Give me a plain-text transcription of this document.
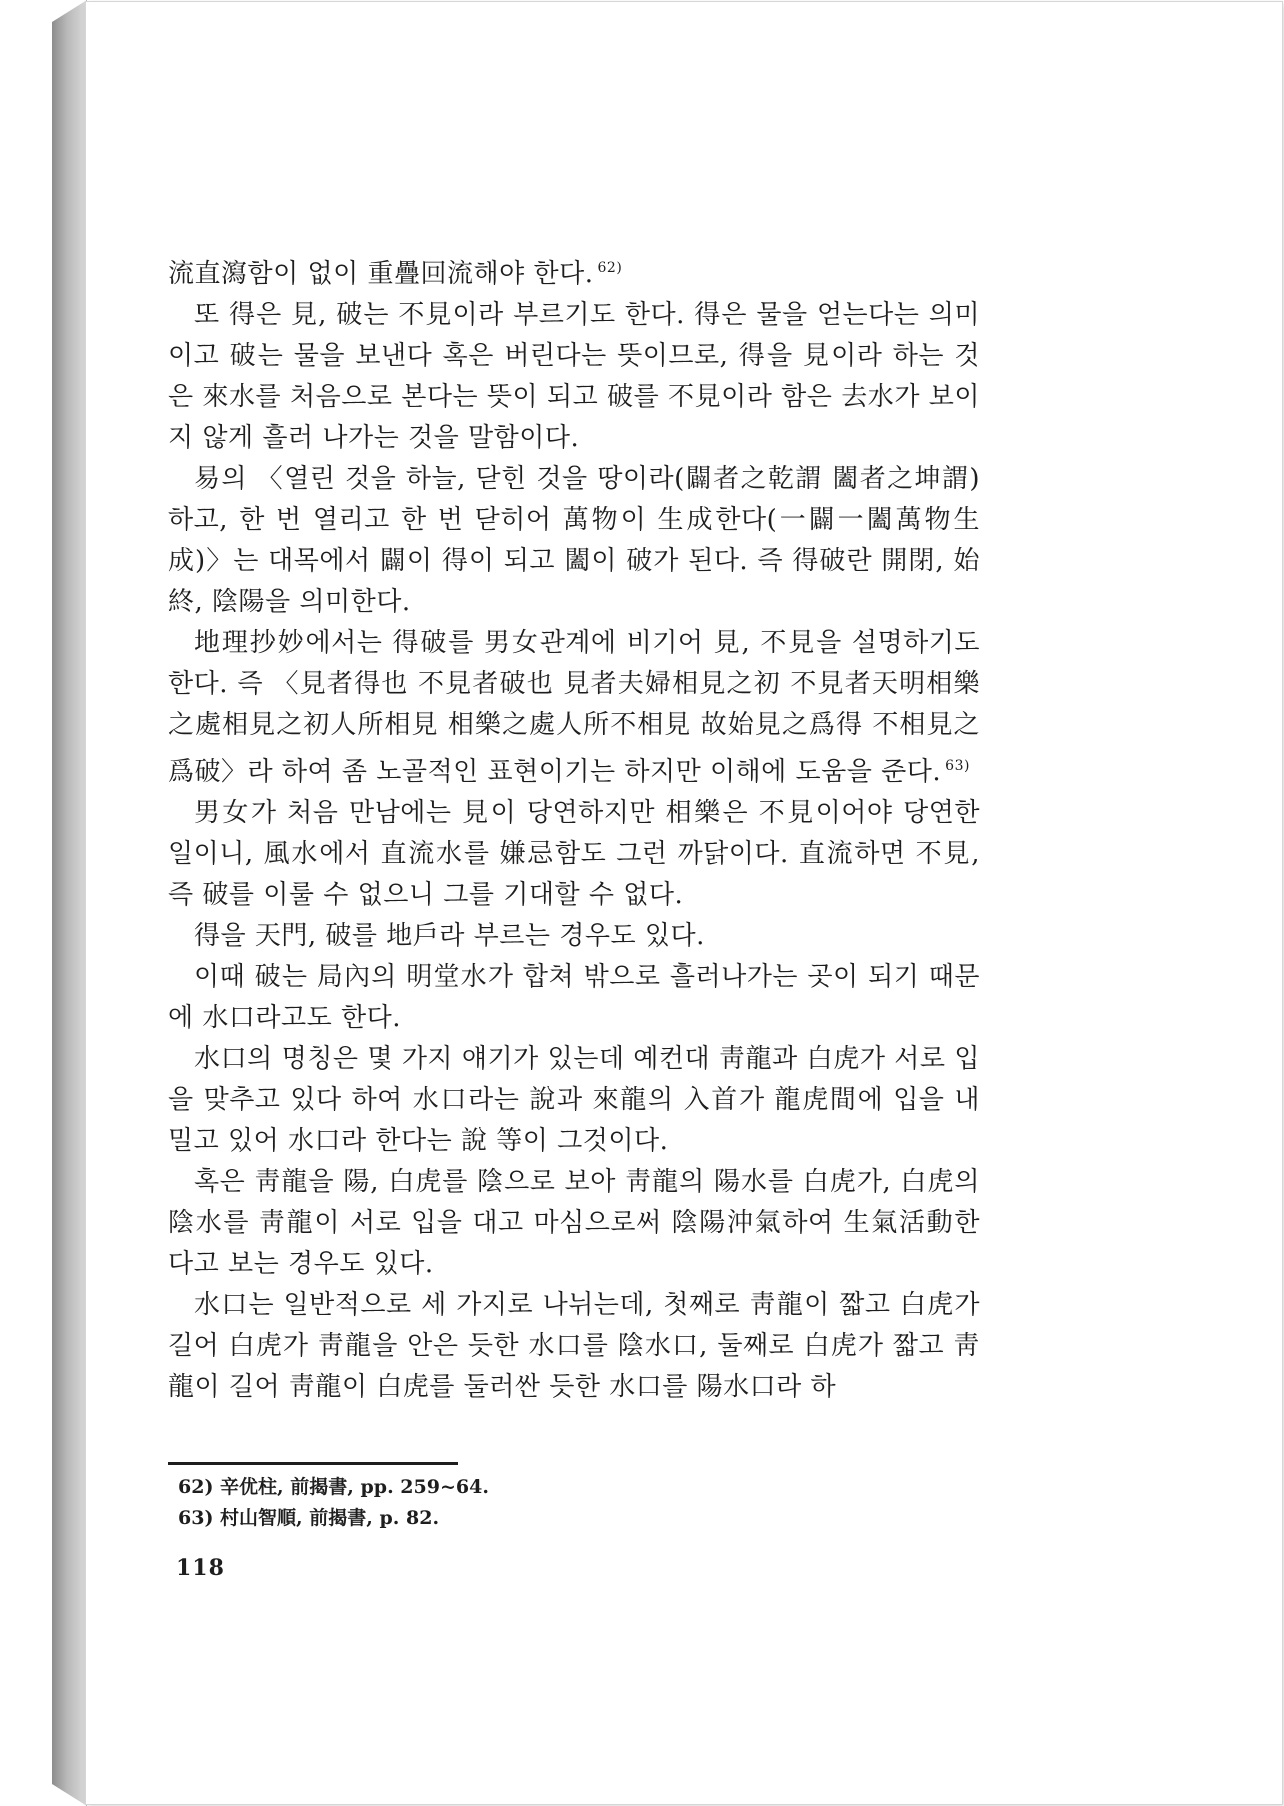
流直瀉함이 없이 重疊回流해야 한다. $^{62)}$

또 得은 見, 破는 不見이라 부르기도 한다. 得은 물을 얻는다는 의미이고 破는 물을 보낸다 혹은 버린다는 뜻이므로, 得을 見이라 하는 것은 來水를 처음으로 본다는 뜻이 되고 破를 不見이라 함은 去水가 보이지 않게 흘러 나가는 것을 말함이다.

易의 〈열린 것을 하늘, 닫힌 것을 땅이라(闢者之乾謂 闔者之坤謂) 하고, 한 번 열리고 한 번 닫히어 萬物이 生成한다(一闢一闔萬物生成)〉는 대목에서 闢이 得이 되고 闔이 破가 된다. 즉 得破란 開閉, 始終, 陰陽을 의미한다.

地理抄妙에서는 得破를 男女관계에 비기어 見, 不見을 설명하기도 한다. 즉 〈見者得也 不見者破也 見者夫婦相見之初 不見者天明相樂之處相見之初人所相見 相樂之處人所不相見 故始見之爲得 不相見之爲破〉라 하여 좀 노골적인 표현이기는 하지만 이해에 도움을 준다. $^{63)}$

男女가 처음 만남에는 見이 당연하지만 相樂은 不見이어야 당연한 일이니, 風水에서 直流水를 嫌忌함도 그런 까닭이다. 直流하면 不見, 즉 破를 이룰 수 없으니 그를 기대할 수 없다.

得을 天門, 破를 地戶라 부르는 경우도 있다.

이때 破는 局內의 明堂水가 합쳐 밖으로 흘러나가는 곳이 되기 때문에 水口라고도 한다.

水口의 명칭은 몇 가지 얘기가 있는데 예컨대 靑龍과 白虎가 서로 입을 맞추고 있다 하여 水口라는 說과 來龍의 入首가 龍虎間에 입을 내밀고 있어 水口라 한다는 說 等이 그것이다.

혹은 靑龍을 陽, 白虎를 陰으로 보아 靑龍의 陽水를 白虎가, 白虎의 陰水를 靑龍이 서로 입을 대고 마심으로써 陰陽沖氣하여 生氣活動한다고 보는 경우도 있다.

水口는 일반적으로 세 가지로 나뉘는데, 첫째로 靑龍이 짧고 白虎가 길어 白虎가 靑龍을 안은 듯한 水口를 陰水口, 둘째로 白虎가 짧고 靑龍이 길어 靑龍이 白虎를 둘러싼 듯한 水口를 陽水口라 하

62) 辛优柱, 前揭書, pp. 259~64.

63) 村山智順, 前揭書, p. 82.

118
